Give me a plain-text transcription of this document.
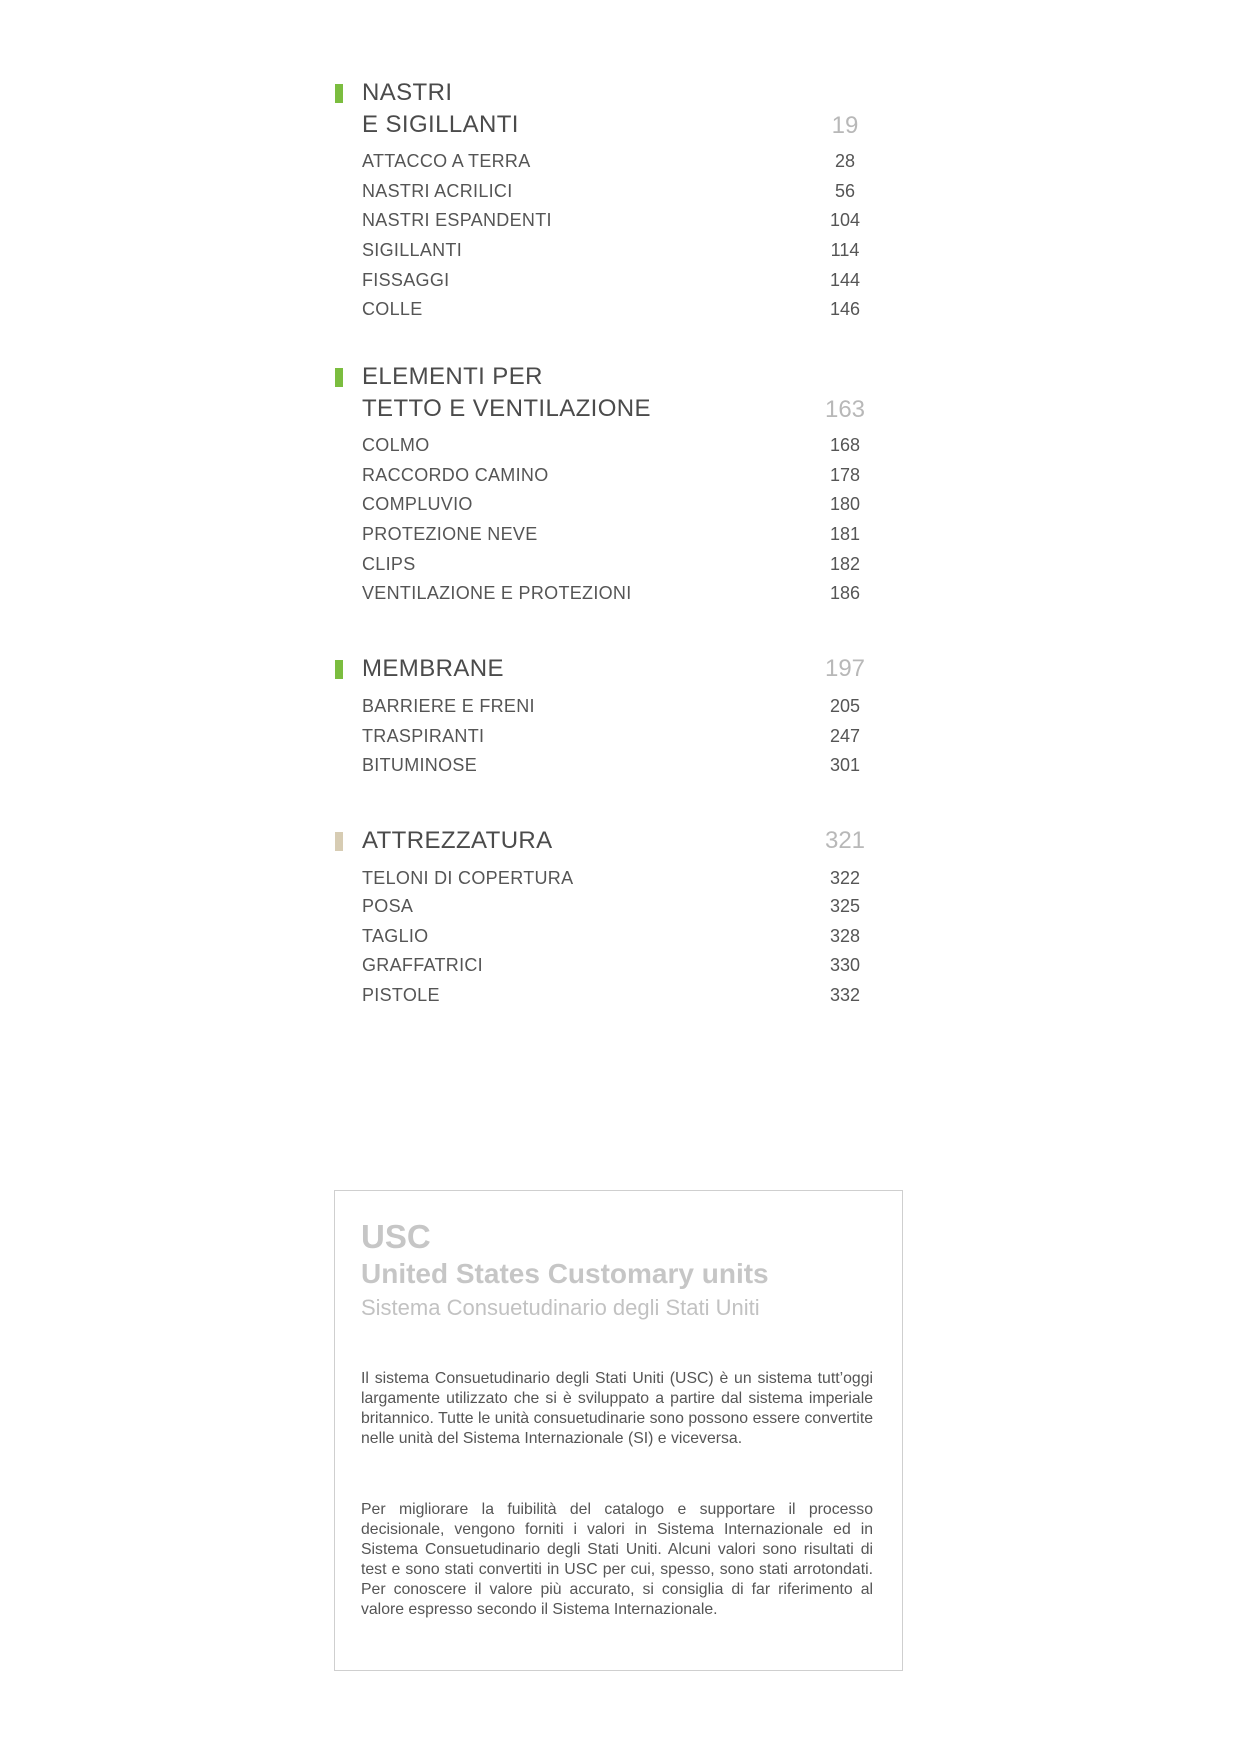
NASTRI
E SIGILLANTI	19
ATTACCO A TERRA	28
NASTRI ACRILICI	56
NASTRI ESPANDENTI	104
SIGILLANTI	114
FISSAGGI	144
COLLE	146
ELEMENTI PER
TETTO E VENTILAZIONE	163
COLMO	168
RACCORDO CAMINO	178
COMPLUVIO	180
PROTEZIONE NEVE	181
CLIPS	182
VENTILAZIONE E PROTEZIONI	186
MEMBRANE	197
BARRIERE E FRENI	205
TRASPIRANTI	247
BITUMINOSE	301
ATTREZZATURA	321
TELONI DI COPERTURA	322
POSA	325
TAGLIO	328
GRAFFATRICI	330
PISTOLE	332
USC
United States Customary units
Sistema Consuetudinario degli Stati Uniti

Il sistema Consuetudinario degli Stati Uniti (USC) è un sistema tutt’oggi largamente utilizzato che si è sviluppato a partire dal sistema imperiale britannico. Tutte le unità consuetudinarie sono possono essere convertite nelle unità del Sistema Internazionale (SI) e viceversa.

Per migliorare la fuibilità del catalogo e supportare il processo decisionale, vengono forniti i valori in Sistema Internazionale ed in Sistema Consuetudinario degli Stati Uniti. Alcuni valori sono risultati di test e sono stati convertiti in USC per cui, spesso, sono stati arrotondati. Per conoscere il valore più accurato, si consiglia di far riferimento al valore espresso secondo il Sistema Internazionale.
